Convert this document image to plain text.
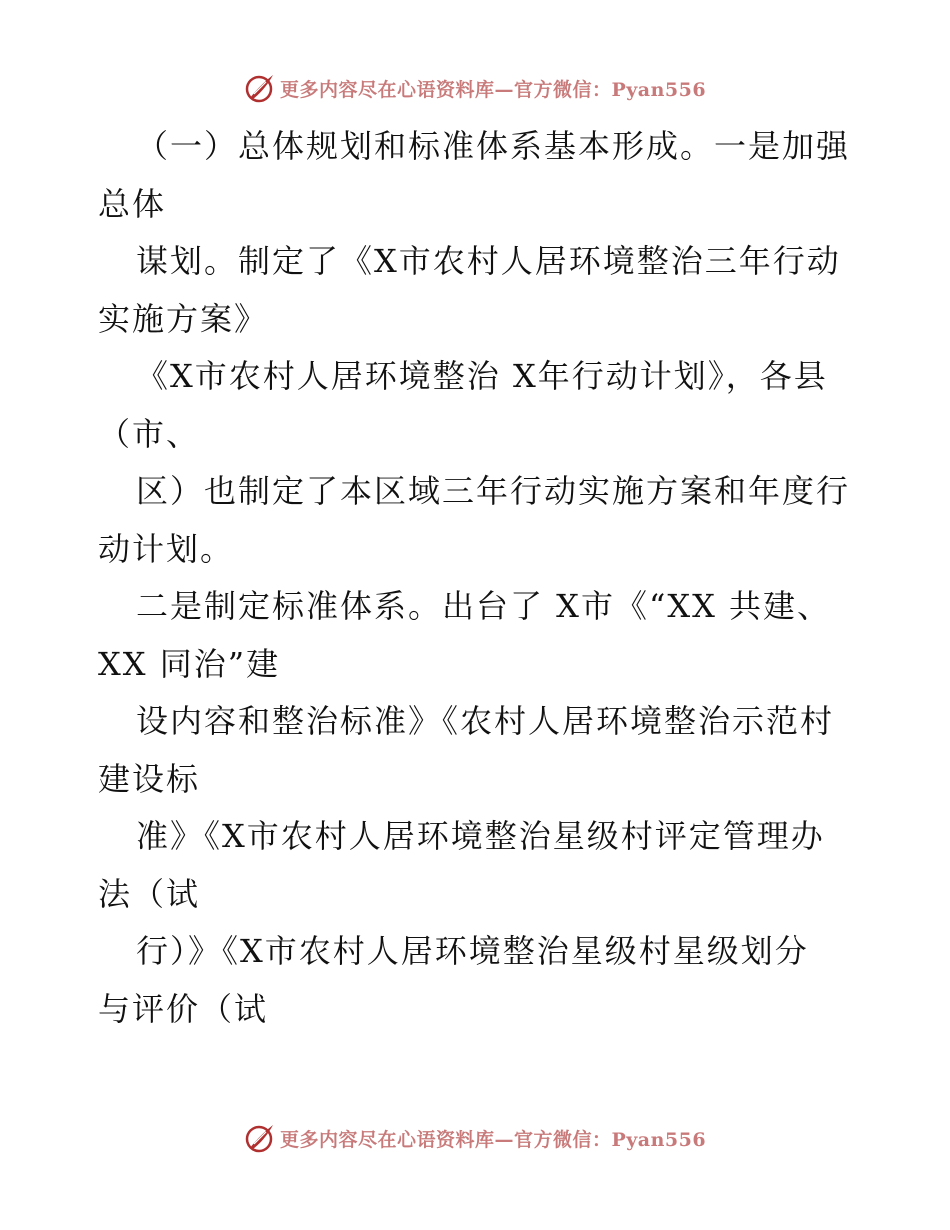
更多内容尽在心语资料库—官方微信：Pyan556
（一）总体规划和标准体系基本形成。一是加强
总体
谋划。制定了《X市农村人居环境整治三年行动
实施方案》
《X市农村人居环境整治 X年行动计划》，各县
（市、
区）也制定了本区域三年行动实施方案和年度行
动计划。
二是制定标准体系。出台了 X市《“XX 共建、
XX 同治”建
设内容和整治标准》《农村人居环境整治示范村
建设标
准》《X市农村人居环境整治星级村评定管理办
法（试
行）》《X市农村人居环境整治星级村星级划分
与评价（试
更多内容尽在心语资料库—官方微信：Pyan556
